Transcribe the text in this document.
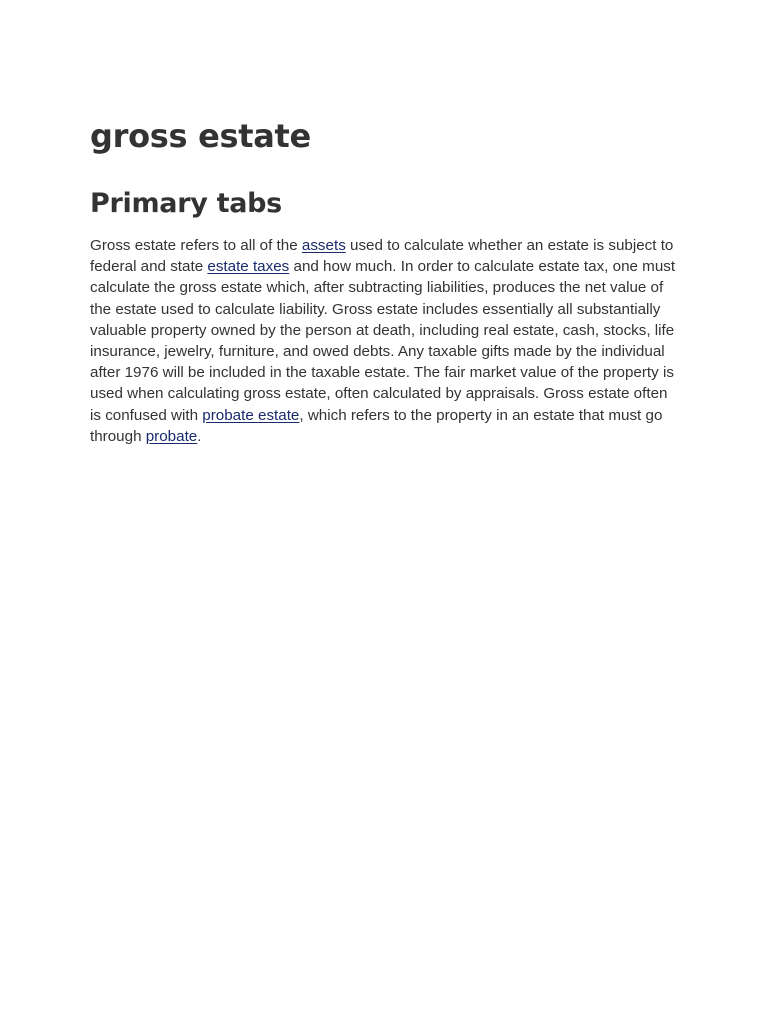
gross estate
Primary tabs

Gross estate refers to all of the assets used to calculate whether an estate is subject to federal and state estate taxes and how much. In order to calculate estate tax, one must calculate the gross estate which, after subtracting liabilities, produces the net value of the estate used to calculate liability. Gross estate includes essentially all substantially valuable property owned by the person at death, including real estate, cash, stocks, life insurance, jewelry, furniture, and owed debts. Any taxable gifts made by the individual after 1976 will be included in the taxable estate. The fair market value of the property is used when calculating gross estate, often calculated by appraisals. Gross estate often is confused with probate estate, which refers to the property in an estate that must go through probate.
